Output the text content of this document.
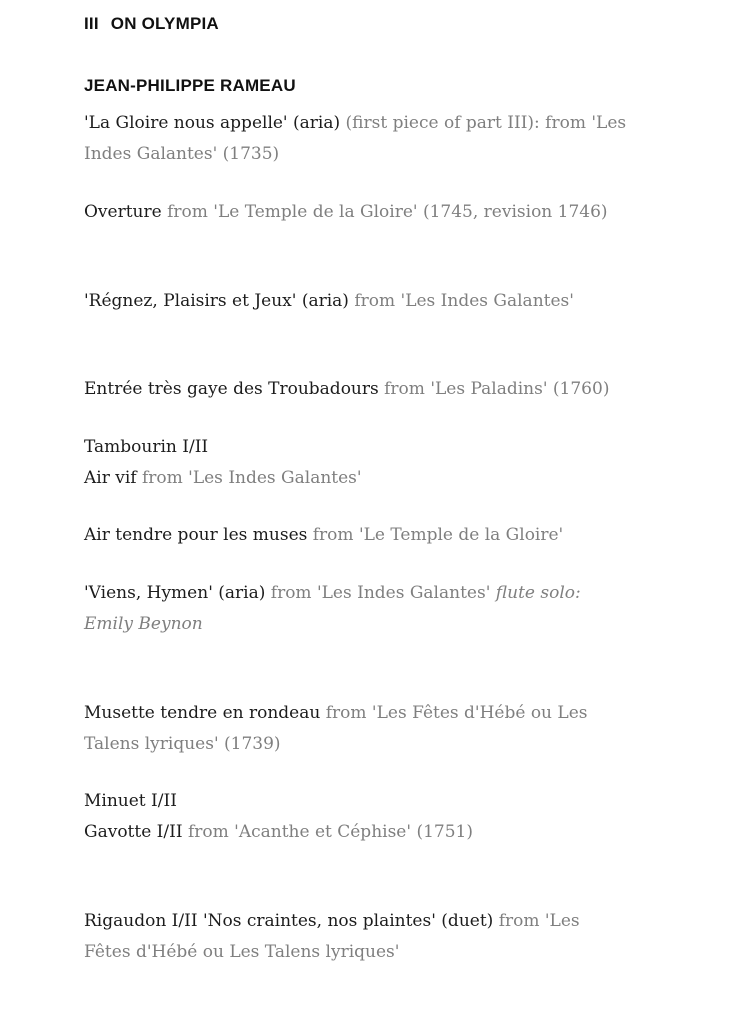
III ON OLYMPIA
JEAN-PHILIPPE RAMEAU
'La Gloire nous appelle' (aria) (first piece of part III): from 'Les
Indes Galantes' (1735)
Overture from 'Le Temple de la Gloire' (1745, revision 1746)
'Régnez, Plaisirs et Jeux' (aria) from 'Les Indes Galantes'
Entrée très gaye des Troubadours from 'Les Paladins' (1760)
Tambourin I/II
Air vif from 'Les Indes Galantes'
Air tendre pour les muses from 'Le Temple de la Gloire'
'Viens, Hymen' (aria) from 'Les Indes Galantes' flute solo:
Emily Beynon
Musette tendre en rondeau from 'Les Fêtes d'Hébé ou Les
Talens lyriques' (1739)
Minuet I/II
Gavotte I/II from 'Acanthe et Céphise' (1751)
Rigaudon I/II 'Nos craintes, nos plaintes' (duet) from 'Les
Fêtes d'Hébé ou Les Talens lyriques'
